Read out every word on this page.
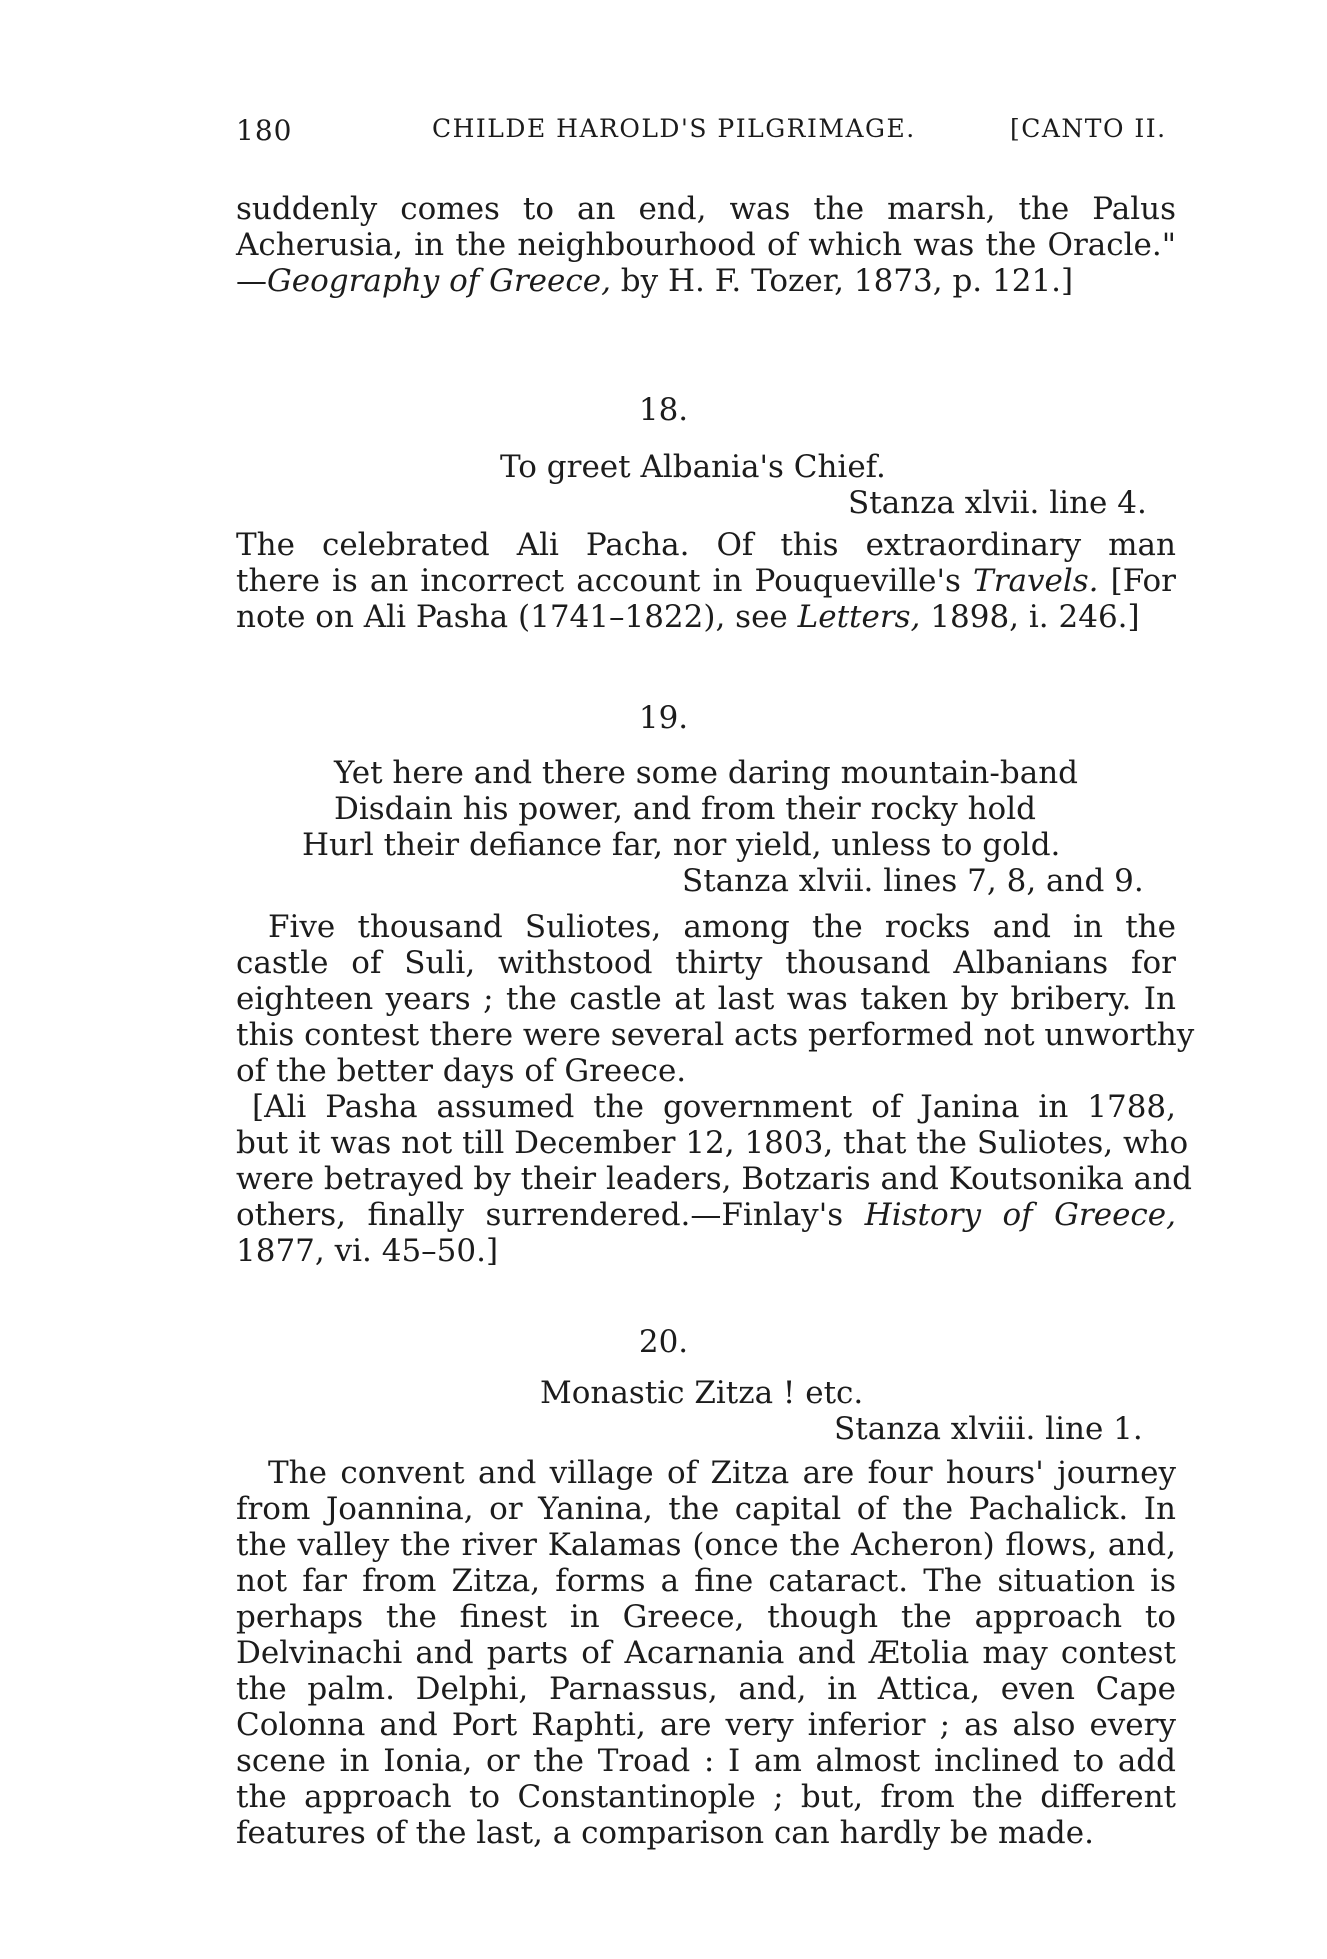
180	CHILDE HAROLD'S PILGRIMAGE.	[CANTO II.
suddenly comes to an end, was the marsh, the Palus
Acherusia, in the neighbourhood of which was the Oracle."
—Geography of Greece, by H. F. Tozer, 1873, p. 121.]
18.
To greet Albania's Chief.
Stanza xlvii. line 4.
The celebrated Ali Pacha. Of this extraordinary man
there is an incorrect account in Pouqueville's Travels. [For
note on Ali Pasha (1741–1822), see Letters, 1898, i. 246.]
19.
Yet here and there some daring mountain-band
Disdain his power, and from their rocky hold
Hurl their defiance far, nor yield, unless to gold.
Stanza xlvii. lines 7, 8, and 9.
Five thousand Suliotes, among the rocks and in the
castle of Suli, withstood thirty thousand Albanians for
eighteen years ; the castle at last was taken by bribery. In
this contest there were several acts performed not unworthy
of the better days of Greece.
[Ali Pasha assumed the government of Janina in 1788,
but it was not till December 12, 1803, that the Suliotes, who
were betrayed by their leaders, Botzaris and Koutsonika and
others, finally surrendered.—Finlay's History of Greece,
1877, vi. 45–50.]
20.
Monastic Zitza ! etc.
Stanza xlviii. line 1.
The convent and village of Zitza are four hours' journey
from Joannina, or Yanina, the capital of the Pachalick. In
the valley the river Kalamas (once the Acheron) flows, and,
not far from Zitza, forms a fine cataract. The situation is
perhaps the finest in Greece, though the approach to
Delvinachi and parts of Acarnania and Ætolia may contest
the palm. Delphi, Parnassus, and, in Attica, even Cape
Colonna and Port Raphti, are very inferior ; as also every
scene in Ionia, or the Troad : I am almost inclined to add
the approach to Constantinople ; but, from the different
features of the last, a comparison can hardly be made.
